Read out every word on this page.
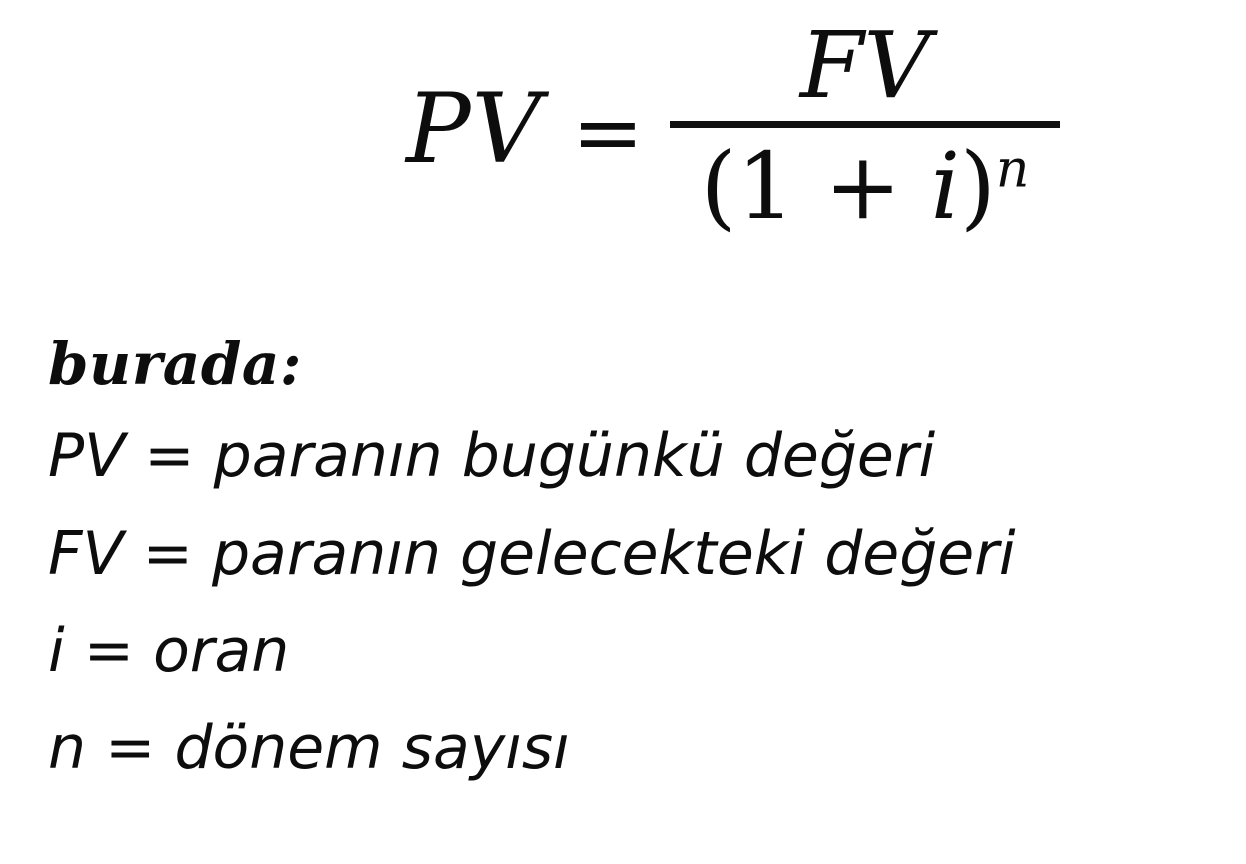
PV =
FV
$(1 + i)^n$
burada:
PV = paranın bugünkü değeri
FV = paranın gelecekteki değeri
i = oran
n = dönem sayısı
